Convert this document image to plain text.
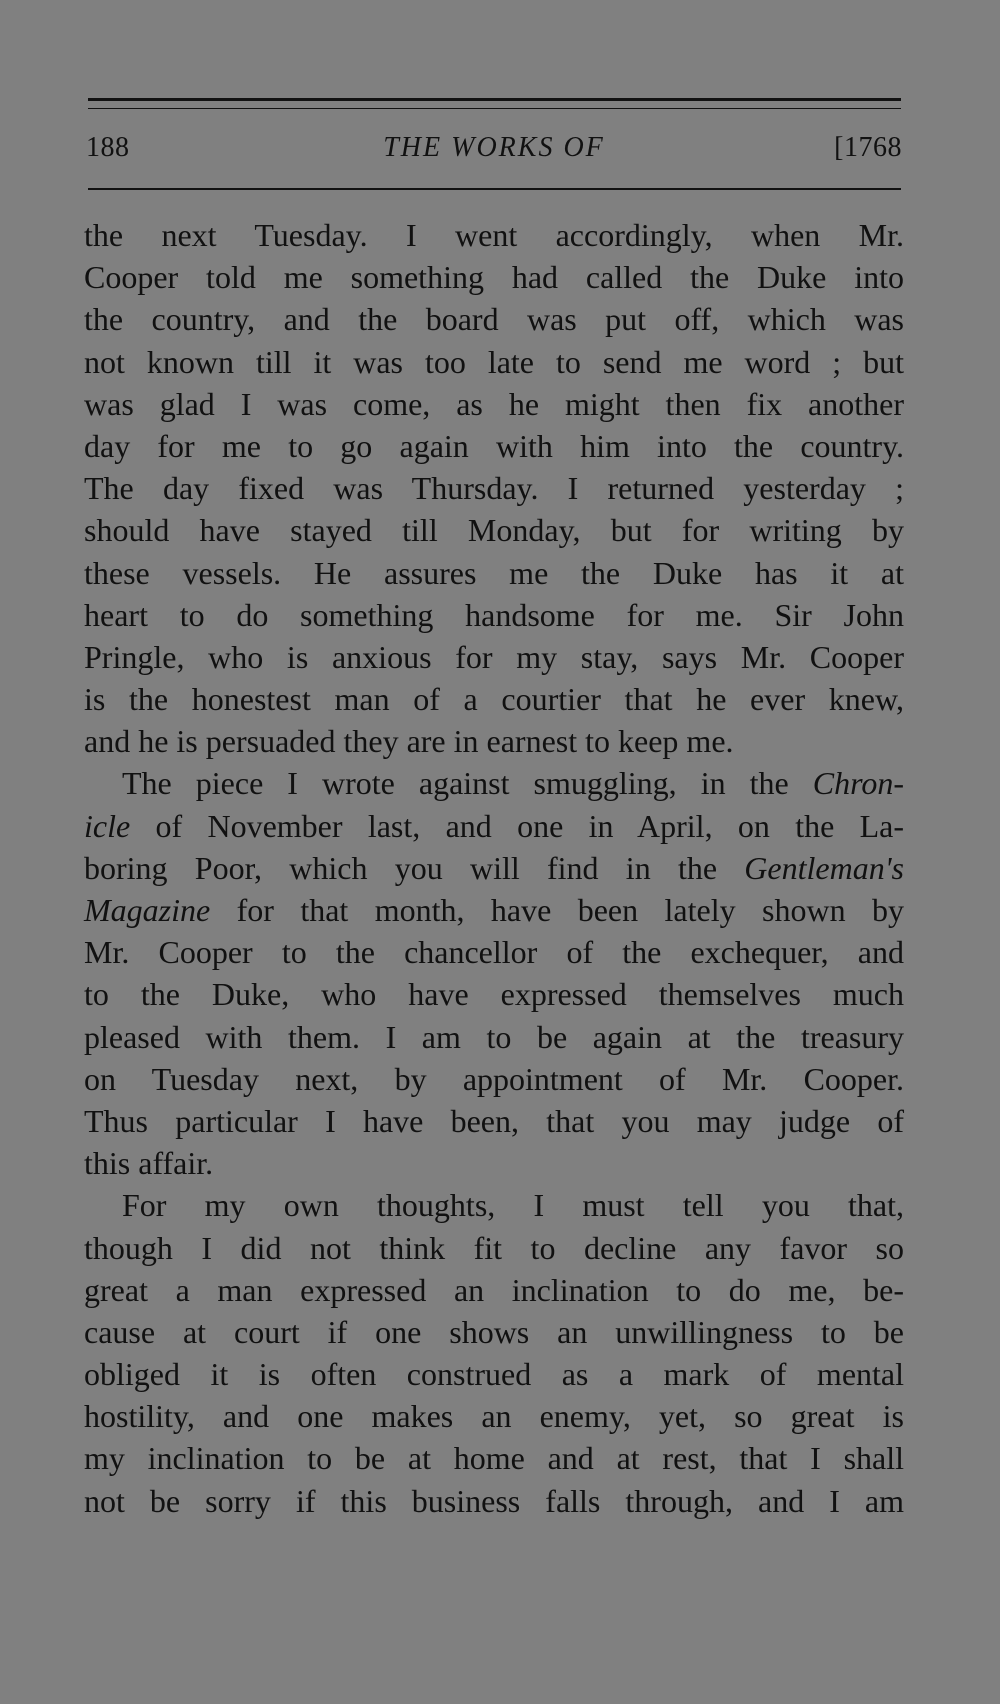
188	THE WORKS OF	[1768
the next Tuesday. I went accordingly, when Mr.
Cooper told me something had called the Duke into
the country, and the board was put off, which was
not known till it was too late to send me word ; but
was glad I was come, as he might then fix another
day for me to go again with him into the country.
The day fixed was Thursday. I returned yesterday ;
should have stayed till Monday, but for writing by
these vessels. He assures me the Duke has it at
heart to do something handsome for me. Sir John
Pringle, who is anxious for my stay, says Mr. Cooper
is the honestest man of a courtier that he ever knew,
and he is persuaded they are in earnest to keep me.
The piece I wrote against smuggling, in the Chron-
icle of November last, and one in April, on the La-
boring Poor, which you will find in the Gentleman's
Magazine for that month, have been lately shown by
Mr. Cooper to the chancellor of the exchequer, and
to the Duke, who have expressed themselves much
pleased with them. I am to be again at the treasury
on Tuesday next, by appointment of Mr. Cooper.
Thus particular I have been, that you may judge of
this affair.
For my own thoughts, I must tell you that,
though I did not think fit to decline any favor so
great a man expressed an inclination to do me, be-
cause at court if one shows an unwillingness to be
obliged it is often construed as a mark of mental
hostility, and one makes an enemy, yet, so great is
my inclination to be at home and at rest, that I shall
not be sorry if this business falls through, and I am
